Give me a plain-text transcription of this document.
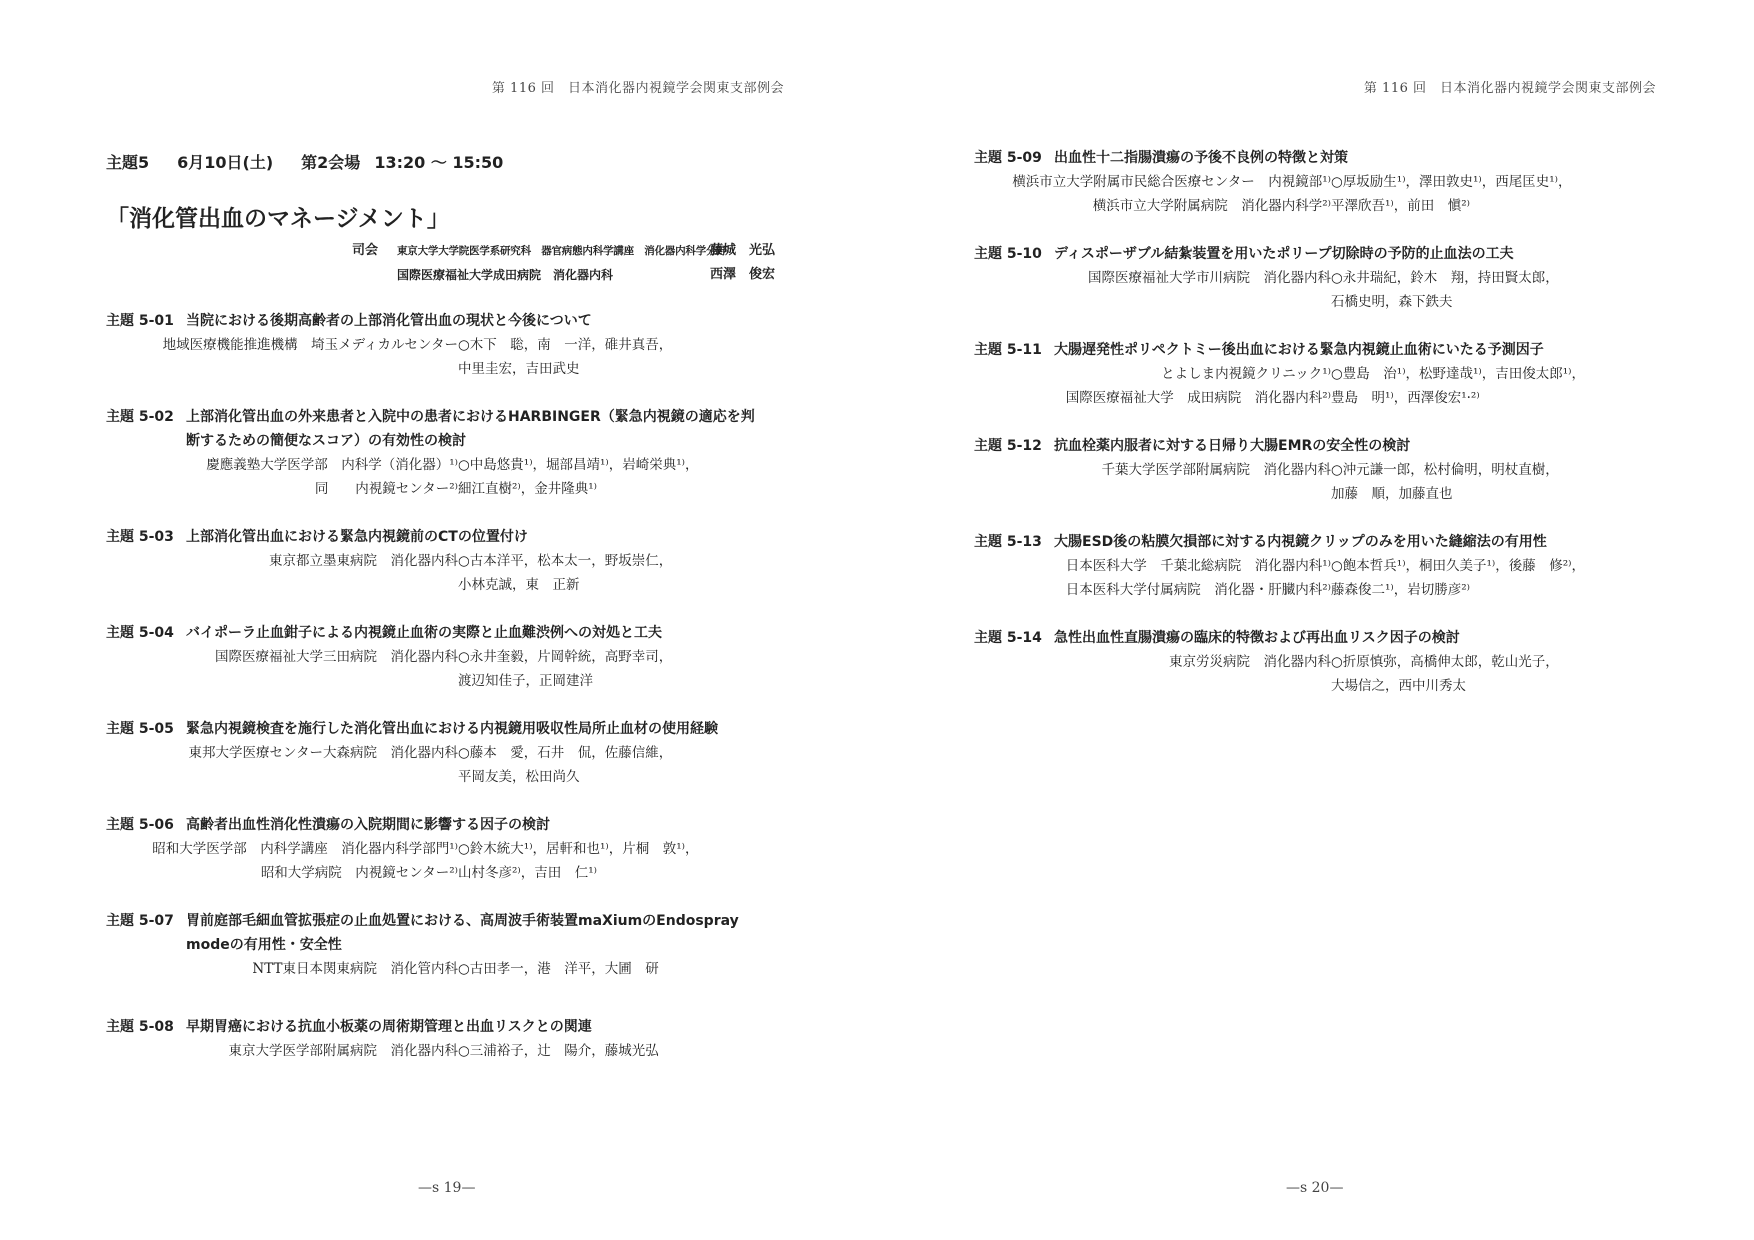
第 116 回　日本消化器内視鏡学会関東支部例会
主題5 6月10日(土) 第2会場 13:20 ～ 15:50
「消化管出血のマネージメント」
司会	東京大学大学院医学系研究科　器官病態内科学講座　消化器内科学分野
藤城　光弘
国際医療福祉大学成田病院　消化器内科	西澤　俊宏
主題 5-01 当院における後期高齢者の上部消化管出血の現状と今後について
地域医療機能推進機構　埼玉メディカルセンター ○木下　聡，南　一洋，碓井真吾，
中里圭宏，吉田武史
主題 5-02 上部消化管出血の外来患者と入院中の患者におけるHARBINGER（緊急内視鏡の適応を判
断するための簡便なスコア）の有効性の検討
慶應義塾大学医学部　内科学（消化器）¹⁾ ○中島悠貴¹⁾，堀部昌靖¹⁾，岩崎栄典¹⁾，
同　　内視鏡センター²⁾ 細江直樹²⁾，金井隆典¹⁾
主題 5-03 上部消化管出血における緊急内視鏡前のCTの位置付け
東京都立墨東病院　消化器内科 ○古本洋平，松本太一，野坂崇仁，
小林克誠，東　正新
主題 5-04 バイポーラ止血鉗子による内視鏡止血術の実際と止血難渋例への対処と工夫
国際医療福祉大学三田病院　消化器内科 ○永井奎毅，片岡幹統，高野幸司，
渡辺知佳子，正岡建洋
主題 5-05 緊急内視鏡検査を施行した消化管出血における内視鏡用吸収性局所止血材の使用経験
東邦大学医療センター大森病院　消化器内科 ○藤本　愛，石井　侃，佐藤信維，
平岡友美，松田尚久
主題 5-06 高齢者出血性消化性潰瘍の入院期間に影響する因子の検討
昭和大学医学部　内科学講座　消化器内科学部門¹⁾ ○鈴木統大¹⁾，居軒和也¹⁾，片桐　敦¹⁾，
昭和大学病院　内視鏡センター²⁾ 山村冬彦²⁾，吉田　仁¹⁾
主題 5-07 胃前庭部毛細血管拡張症の止血処置における、高周波手術装置maXiumのEndospray
modeの有用性・安全性
NTT東日本関東病院　消化管内科 ○古田孝一，港　洋平，大圃　研
主題 5-08 早期胃癌における抗血小板薬の周術期管理と出血リスクとの関連
東京大学医学部附属病院　消化器内科 ○三浦裕子，辻　陽介，藤城光弘
—s 19—
第 116 回　日本消化器内視鏡学会関東支部例会
主題 5-09 出血性十二指腸潰瘍の予後不良例の特徴と対策
横浜市立大学附属市民総合医療センター　内視鏡部¹⁾ ○厚坂励生¹⁾，澤田敦史¹⁾，西尾匡史¹⁾，
横浜市立大学附属病院　消化器内科学²⁾ 平澤欣吾¹⁾，前田　愼²⁾
主題 5-10 ディスポーザブル結紮装置を用いたポリープ切除時の予防的止血法の工夫
国際医療福祉大学市川病院　消化器内科 ○永井瑞紀，鈴木　翔，持田賢太郎，
石橋史明，森下鉄夫
主題 5-11 大腸遅発性ポリペクトミー後出血における緊急内視鏡止血術にいたる予測因子
とよしま内視鏡クリニック¹⁾ ○豊島　治¹⁾，松野達哉¹⁾，吉田俊太郎¹⁾，
国際医療福祉大学　成田病院　消化器内科²⁾ 豊島　明¹⁾，西澤俊宏¹·²⁾
主題 5-12 抗血栓薬内服者に対する日帰り大腸EMRの安全性の検討
千葉大学医学部附属病院　消化器内科 ○沖元謙一郎，松村倫明，明杖直樹，
加藤　順，加藤直也
主題 5-13 大腸ESD後の粘膜欠損部に対する内視鏡クリップのみを用いた縫縮法の有用性
日本医科大学　千葉北総病院　消化器内科¹⁾ ○飽本哲兵¹⁾，桐田久美子¹⁾，後藤　修²⁾，
日本医科大学付属病院　消化器・肝臓内科²⁾ 藤森俊二¹⁾，岩切勝彦²⁾
主題 5-14 急性出血性直腸潰瘍の臨床的特徴および再出血リスク因子の検討
東京労災病院　消化器内科 ○折原慎弥，高橋伸太郎，乾山光子，
大場信之，西中川秀太
—s 20—
